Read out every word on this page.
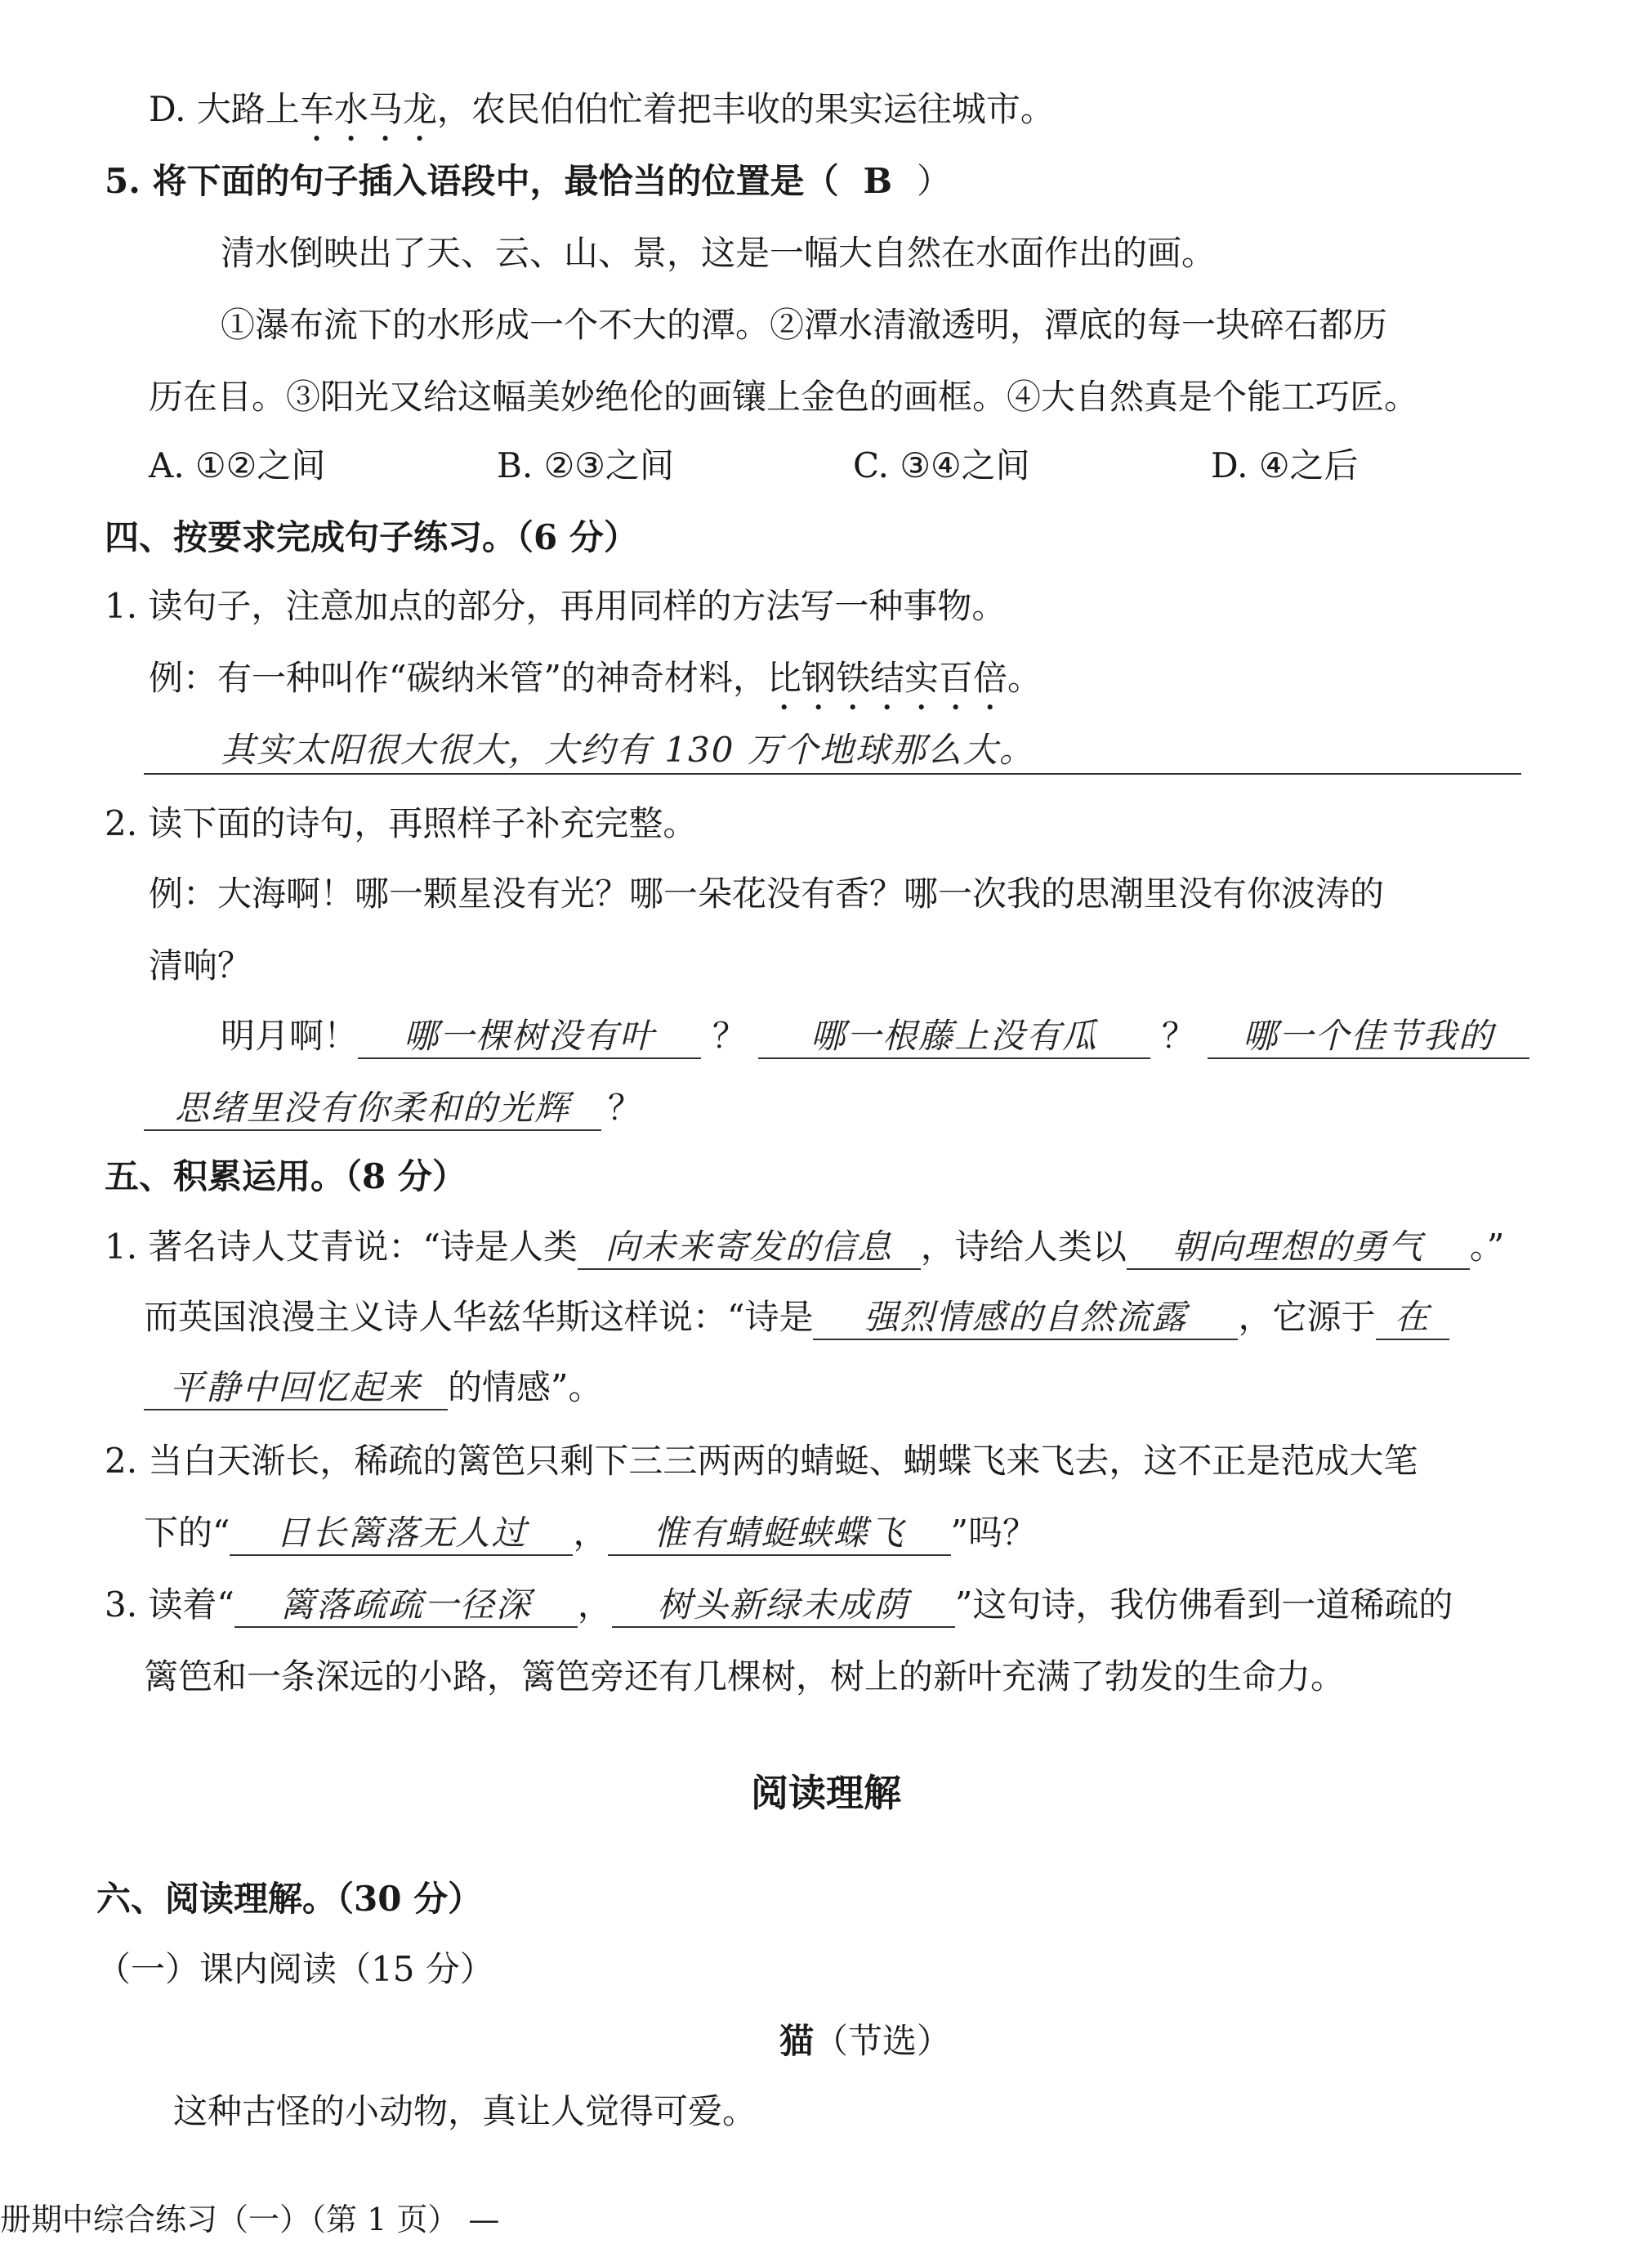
D. 大路上车水马龙，农民伯伯忙着把丰收的果实运往城市。
5. 将下面的句子插入语段中，最恰当的位置是（ B ）
清水倒映出了天、云、山、景，这是一幅大自然在水面作出的画。
①瀑布流下的水形成一个不大的潭。②潭水清澈透明，潭底的每一块碎石都历
历在目。③阳光又给这幅美妙绝伦的画镶上金色的画框。④大自然真是个能工巧匠。
A. ①②之间	B. ②③之间	C. ③④之间	D. ④之后
四、按要求完成句子练习。（6 分）
1. 读句子，注意加点的部分，再用同样的方法写一种事物。
例：有一种叫作“碳纳米管”的神奇材料，比钢铁结实百倍。
其实太阳很大很大，大约有 130 万个地球那么大。
2. 读下面的诗句，再照样子补充完整。
例：大海啊！哪一颗星没有光？哪一朵花没有香？哪一次我的思潮里没有你波涛的
清响？
明月啊！ 哪一棵树没有叶 ？ 哪一根藤上没有瓜 ？ 哪一个佳节我的
思绪里没有你柔和的光辉 ？
五、积累运用。（8 分）
1. 著名诗人艾青说：“诗是人类 向未来寄发的信息 ，诗给人类以 朝向理想的勇气 。”
而英国浪漫主义诗人华兹华斯这样说：“诗是 强烈情感的自然流露 ，它源于 在
平静中回忆起来 的情感”。
2. 当白天渐长，稀疏的篱笆只剩下三三两两的蜻蜓、蝴蝶飞来飞去，这不正是范成大笔
下的“ 日长篱落无人过 ， 惟有蜻蜓蛱蝶飞 ”吗？
3. 读着“ 篱落疏疏一径深 ， 树头新绿未成荫 ”这句诗，我仿佛看到一道稀疏的
篱笆和一条深远的小路，篱笆旁还有几棵树，树上的新叶充满了勃发的生命力。
阅读理解
六、阅读理解。（30 分）
（一）课内阅读（15 分）
猫（节选）
这种古怪的小动物，真让人觉得可爱。
册期中综合练习（一）（第 1 页） —
